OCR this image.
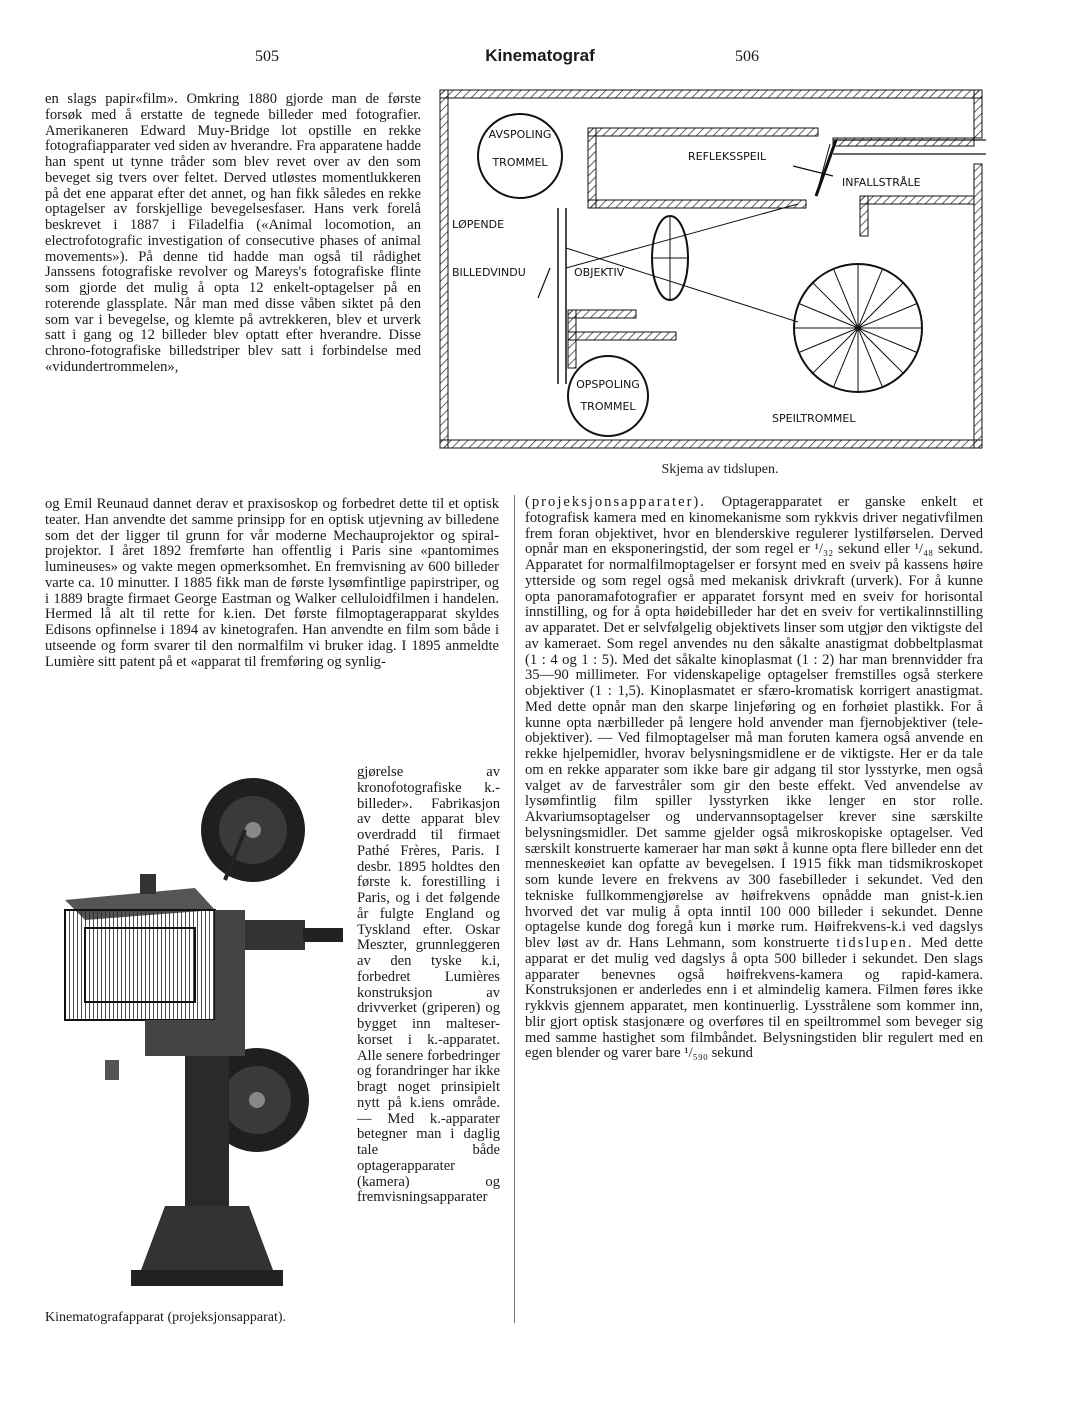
505	Kinematograf	506

en slags papir«film». Omkring 1880 gjorde man de første forsøk med å erstatte de tegnede billeder med fotografier. Amerikaneren Edward Muy-Bridge lot opstille en rekke fotografiapparater ved siden av hverandre. Fra apparatene hadde han spent ut tynne tråder som blev revet over av den som beveget sig tvers over feltet. Derved utløstes momentlukkeren på det ene apparat efter det annet, og han fikk således en rekke optagelser av forskjellige bevegelsesfaser. Hans verk forelå beskrevet i 1887 i Filadelfia («Animal locomotion, an electrofotografic investigation of consecutive phases of animal movements»). På denne tid hadde man også til rådighet Janssens fotografiske revolver og Mareys's fotografiske flinte som gjorde det mulig å opta 12 enkelt-optagelser på en roterende glassplate. Når man med disse våben siktet på den som var i bevegelse, og klemte på avtrekkeren, blev et urverk satt i gang og 12 billeder blev optatt efter hverandre. Disse chrono-fotografiske billedstriper blev satt i forbindelse med «vidundertrommelen»,

AVSPOLING
TROMMEL	REFLEKSSPEIL
INFALLSTRÅLE
LØPENDE
BILLEDVINDU	OBJEKTIV
OPSPOLING
TROMMEL
SPEILTROMMEL
Skjema av tidslupen.

og Emil Reunaud dannet derav et praxisoskop og forbedret dette til et optisk teater. Han anvendte det samme prinsipp for en optisk utjevning av billedene som det der ligger til grunn for vår moderne Mechauprojektor og spiral-projektor. I året 1892 fremførte han offentlig i Paris sine «pantomimes lumineuses» og vakte megen opmerksomhet. En fremvisning av 600 billeder varte ca. 10 minutter. I 1885 fikk man de første lysømfintlige papirstriper, og i 1889 bragte firmaet George Eastman og Walker celluloidfilmen i handelen. Hermed lå alt til rette for k.ien. Det første filmoptagerapparat skyldes Edisons opfinnelse i 1894 av kinetografen. Han anvendte en film som både i utseende og form svarer til den normalfilm vi bruker idag. I 1895 anmeldte Lumière sitt patent på et «apparat til fremføring og synlig-

Kinematografapparat (projeksjonsapparat).

gjørelse av kronofotografiske k.-billeder». Fabrikasjon av dette apparat blev overdradd til firmaet Pathé Frères, Paris. I desbr. 1895 holdtes den første k. forestilling i Paris, og i det følgende år fulgte England og Tyskland efter. Oskar Meszter, grunnleggeren av den tyske k.i, forbedret Lumières konstruksjon av drivverket (griperen) og bygget inn malteser-korset i k.-apparatet. Alle senere forbedringer og forandringer har ikke bragt noget prinsipielt nytt på k.iens område. — Med k.-apparater betegner man i daglig tale både optagerapparater (kamera) og fremvisningsapparater

(projeksjonsapparater). Optagerapparatet er ganske enkelt et fotografisk kamera med en kinomekanisme som rykkvis driver negativfilmen frem foran objektivet, hvor en blenderskive regulerer lystilførselen. Derved opnår man en eksponeringstid, der som regel er ¹/₃₂ sekund eller ¹/₄₈ sekund. Apparatet for normalfilmoptagelser er forsynt med en sveiv på kassens høire ytterside og som regel også med mekanisk drivkraft (urverk). For å kunne opta panoramafotografier er apparatet forsynt med en sveiv for horisontal innstilling, og for å opta høidebilleder har det en sveiv for vertikalinnstilling av apparatet. Det er selvfølgelig objektivets linser som utgjør den viktigste del av kameraet. Som regel anvendes nu den såkalte anastigmat dobbeltplasmat (1 : 4 og 1 : 5). Med det såkalte kinoplasmat (1 : 2) har man brennvidder fra 35—90 millimeter. For videnskapelige optagelser fremstilles også sterkere objektiver (1 : 1,5). Kinoplasmatet er sfæro-kromatisk korrigert anastigmat. Med dette opnår man den skarpe linjeføring og en forhøiet plastikk. For å kunne opta nærbilleder på lengere hold anvender man fjernobjektiver (tele-objektiver). — Ved filmoptagelser må man foruten kamera også anvende en rekke hjelpemidler, hvorav belysningsmidlene er de viktigste. Her er da tale om en rekke apparater som ikke bare gir adgang til stor lysstyrke, men også valget av de farvestråler som gir den beste effekt. Ved anvendelse av lysømfintlig film spiller lysstyrken ikke lenger en stor rolle. Akvariumsoptagelser og undervannsoptagelser krever sine særskilte belysningsmidler. Det samme gjelder også mikroskopiske optagelser. Ved særskilt konstruerte kameraer har man søkt å kunne opta flere billeder enn det menneskeøiet kan opfatte av bevegelsen. I 1915 fikk man tidsmikroskopet som kunde levere en frekvens av 300 fasebilleder i sekundet. Ved den tekniske fullkommengjørelse av høifrekvens opnådde man gnist-k.ien hvorved det var mulig å opta inntil 100 000 billeder i sekundet. Denne optagelse kunde dog foregå kun i mørke rum. Høifrekvens-k.i ved dagslys blev løst av dr. Hans Lehmann, som konstruerte tidslupen. Med dette apparat er det mulig ved dagslys å opta 500 billeder i sekundet. Den slags apparater benevnes også høifrekvens-kamera og rapid-kamera. Konstruksjonen er anderledes enn i et almindelig kamera. Filmen føres ikke rykkvis gjennem apparatet, men kontinuerlig. Lysstrålene som kommer inn, blir gjort optisk stasjonære og overføres til en speiltrommel som beveger sig med samme hastighet som filmbåndet. Belysningstiden blir regulert med en egen blender og varer bare ¹/₅₉₀ sekund
